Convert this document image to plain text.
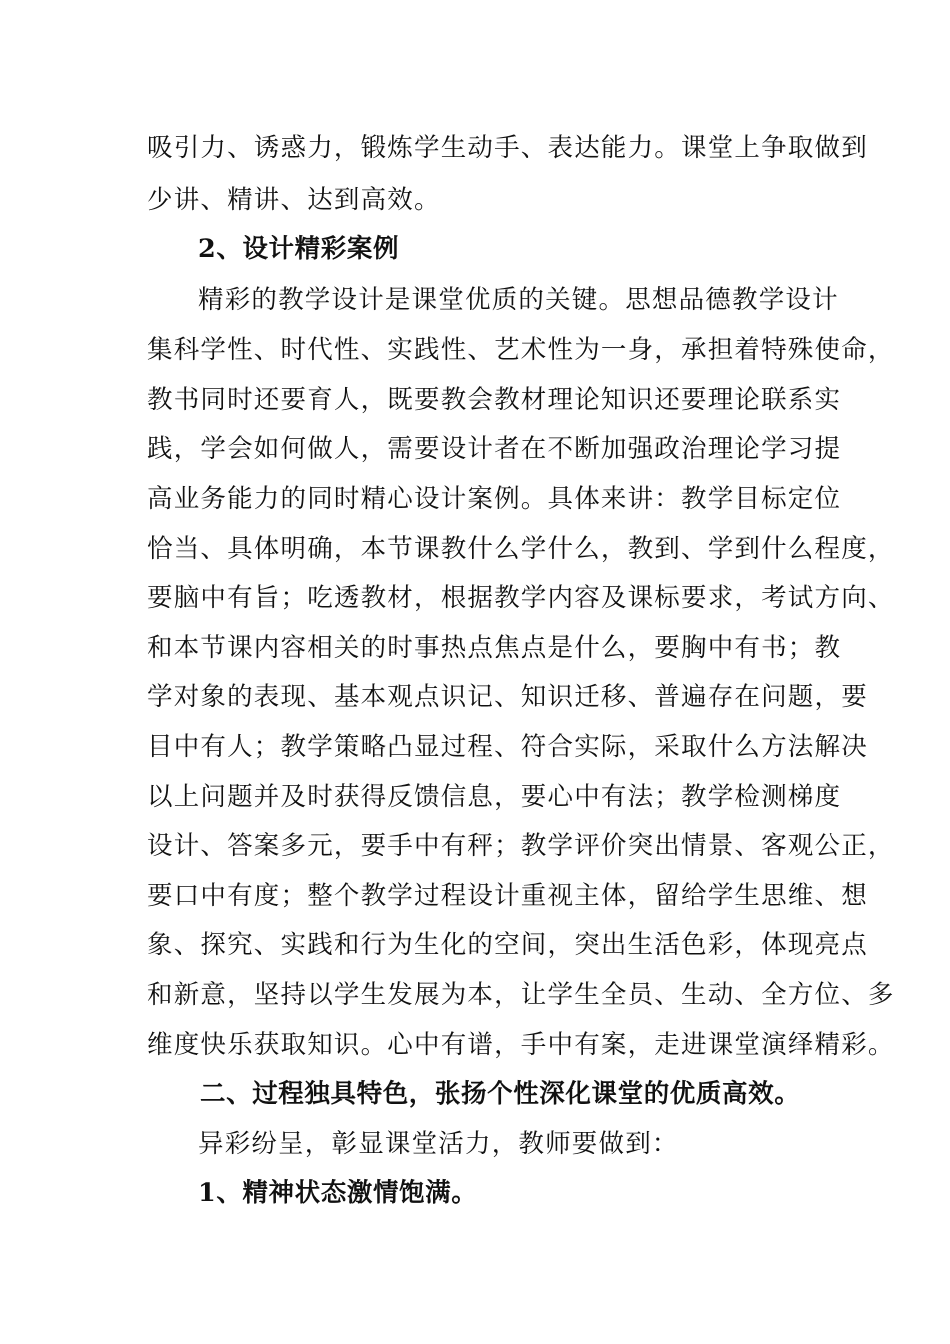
吸引力、诱惑力，锻炼学生动手、表达能力。课堂上争取做到
少讲、精讲、达到高效。
2、设计精彩案例
精彩的教学设计是课堂优质的关键。思想品德教学设计
集科学性、时代性、实践性、艺术性为一身，承担着特殊使命，
教书同时还要育人，既要教会教材理论知识还要理论联系实
践，学会如何做人，需要设计者在不断加强政治理论学习提
高业务能力的同时精心设计案例。具体来讲：教学目标定位
恰当、具体明确，本节课教什么学什么，教到、学到什么程度，
要脑中有旨；吃透教材，根据教学内容及课标要求，考试方向、
和本节课内容相关的时事热点焦点是什么，要胸中有书；教
学对象的表现、基本观点识记、知识迁移、普遍存在问题，要
目中有人；教学策略凸显过程、符合实际，采取什么方法解决
以上问题并及时获得反馈信息，要心中有法；教学检测梯度
设计、答案多元，要手中有秤；教学评价突出情景、客观公正，
要口中有度；整个教学过程设计重视主体，留给学生思维、想
象、探究、实践和行为生化的空间，突出生活色彩，体现亮点
和新意，坚持以学生发展为本，让学生全员、生动、全方位、多
维度快乐获取知识。心中有谱，手中有案，走进课堂演绎精彩。
二、过程独具特色，张扬个性深化课堂的优质高效。
异彩纷呈，彰显课堂活力，教师要做到：
1、精神状态激情饱满。
